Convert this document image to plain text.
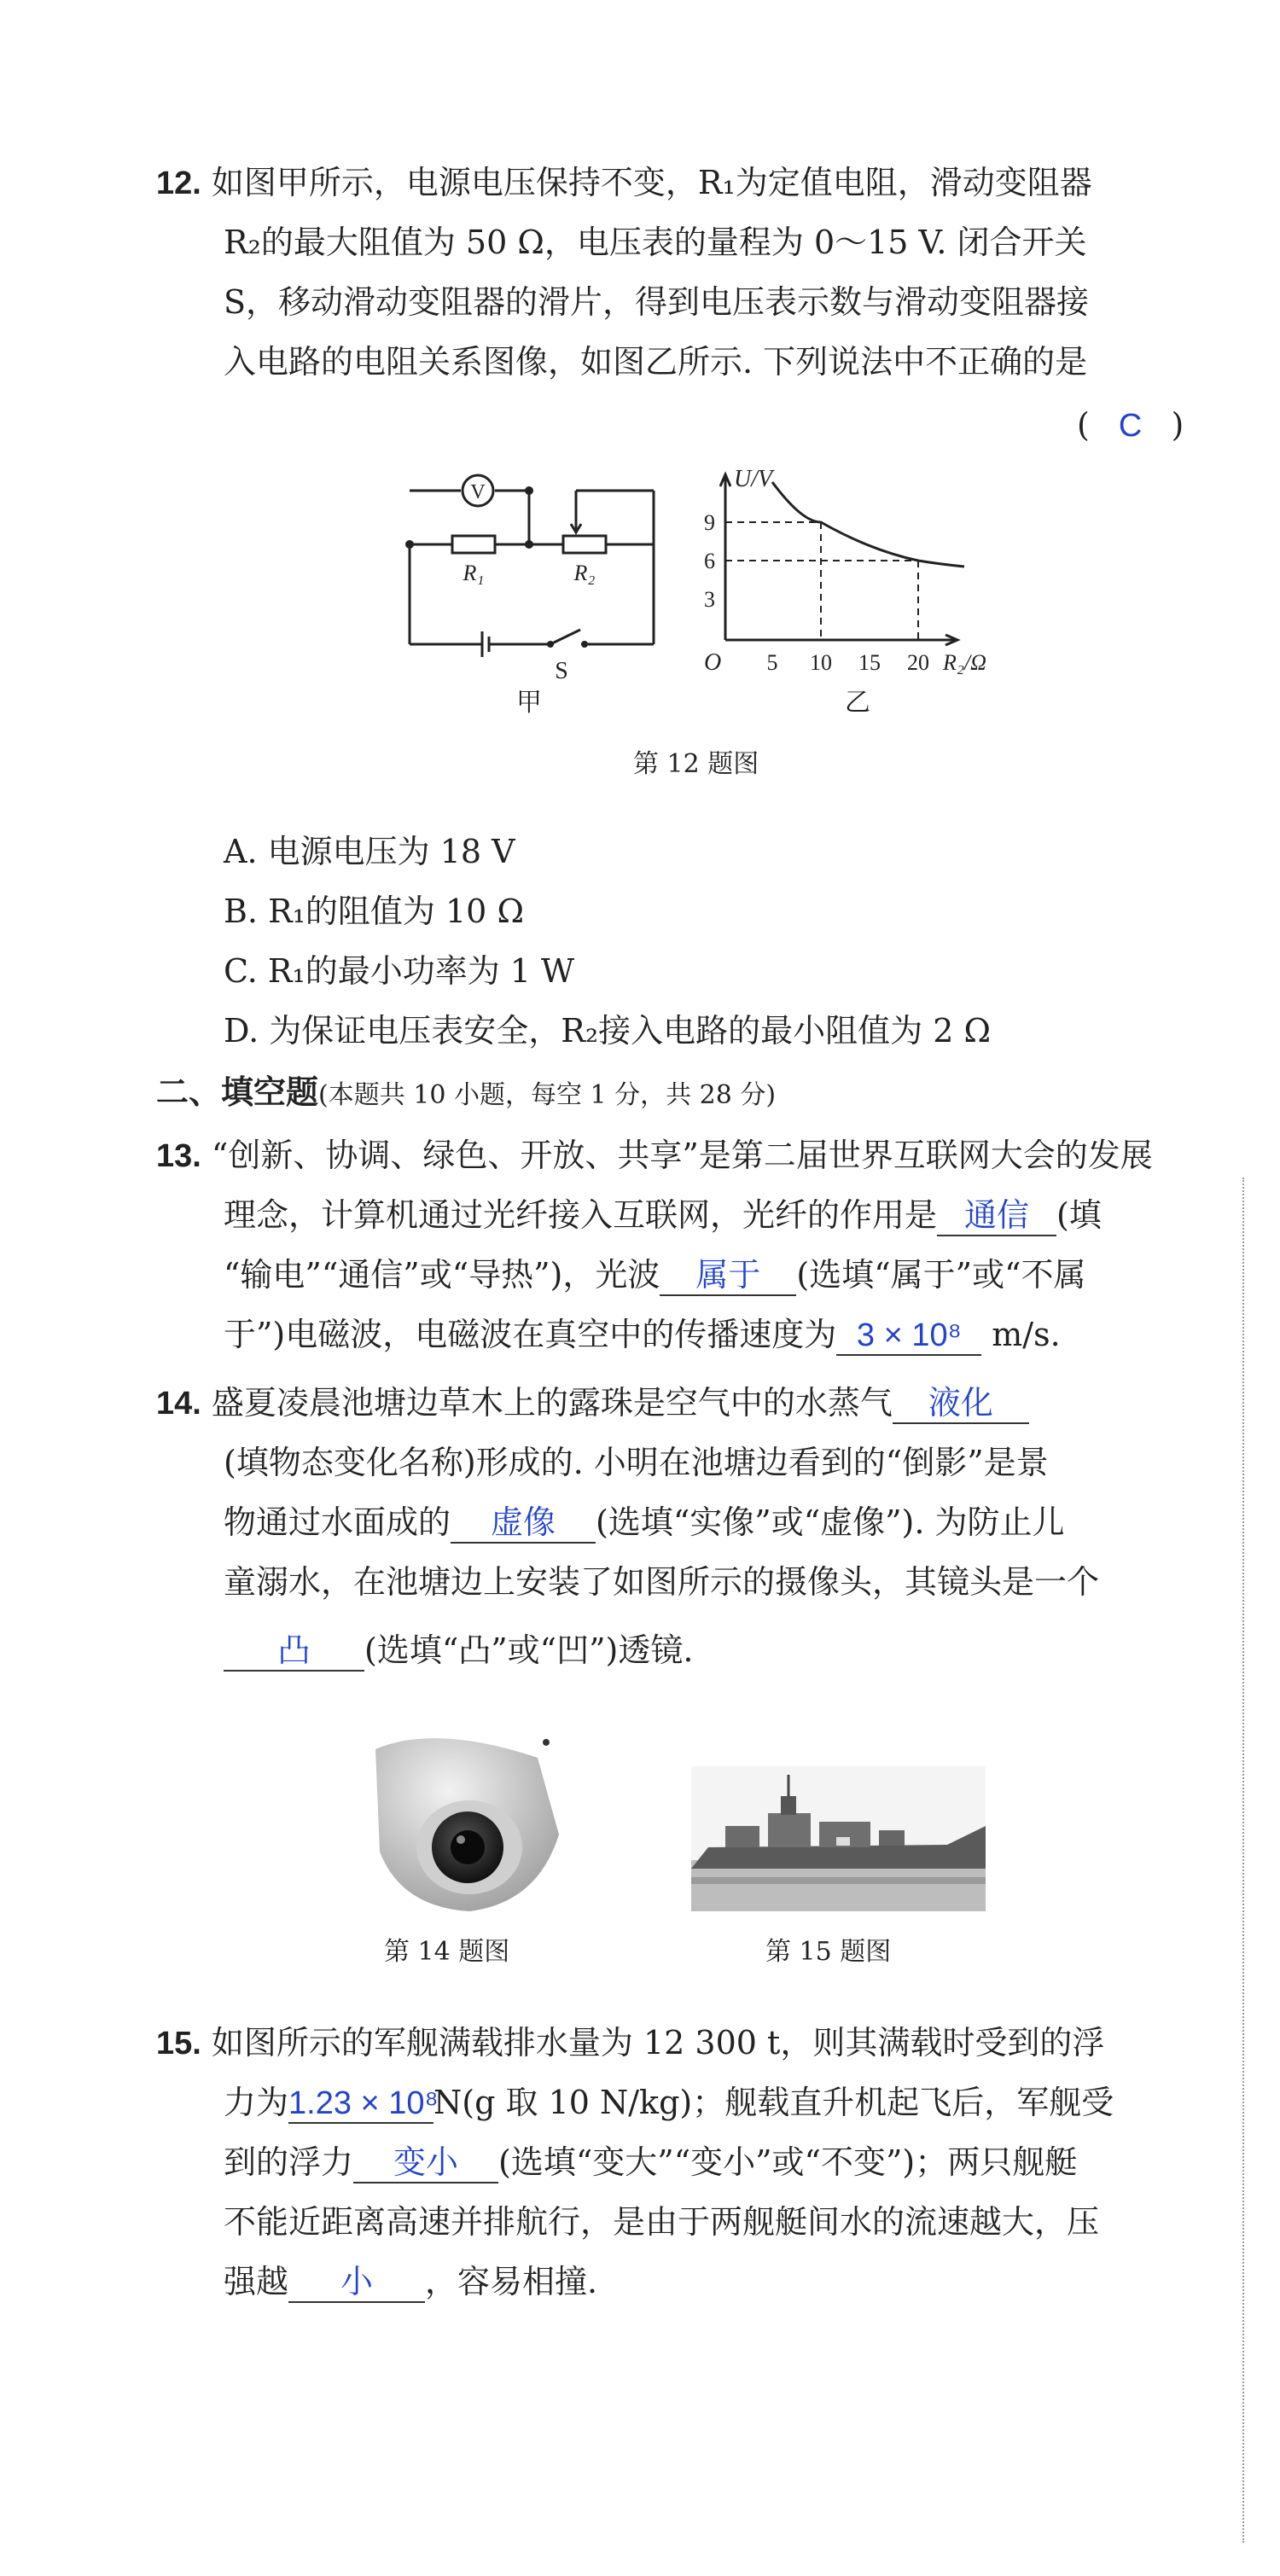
12. 如图甲所示，电源电压保持不变，R₁为定值电阻，滑动变阻器
R₂的最大阻值为 50 Ω，电压表的量程为 0～15 V. 闭合开关
S，移动滑动变阻器的滑片，得到电压表示数与滑动变阻器接
入电路的电阻关系图像，如图乙所示. 下列说法中不正确的是
( C )
V
R₁	R₂
S
甲
U/V
9
6
3
O 5 10 15 20 R₂/Ω
乙
第 12 题图
A. 电源电压为 18 V
B. R₁的阻值为 10 Ω
C. R₁的最小功率为 1 W
D. 为保证电压表安全，R₂接入电路的最小阻值为 2 Ω
二、填空题(本题共 10 小题，每空 1 分，共 28 分)
13. “创新、协调、绿色、开放、共享”是第二届世界互联网大会的发展
理念，计算机通过光纤接入互联网，光纤的作用是 通信 (填
“输电”“通信”或“导热”)，光波 属于 (选填“属于”或“不属
于”)电磁波，电磁波在真空中的传播速度为 3 × 10⁸ m/s.
14. 盛夏凌晨池塘边草木上的露珠是空气中的水蒸气 液化
(填物态变化名称)形成的. 小明在池塘边看到的“倒影”是景
物通过水面成的 虚像 (选填“实像”或“虚像”). 为防止儿
童溺水，在池塘边上安装了如图所示的摄像头，其镜头是一个
凸 (选填“凸”或“凹”)透镜.
第 14 题图	第 15 题图
15. 如图所示的军舰满载排水量为 12 300 t，则其满载时受到的浮
力为1.23 × 10⁸N(g 取 10 N/kg)；舰载直升机起飞后，军舰受
到的浮力 变小 (选填“变大”“变小”或“不变”)；两只舰艇
不能近距离高速并排航行，是由于两舰艇间水的流速越大，压
强越 小 ，容易相撞.
